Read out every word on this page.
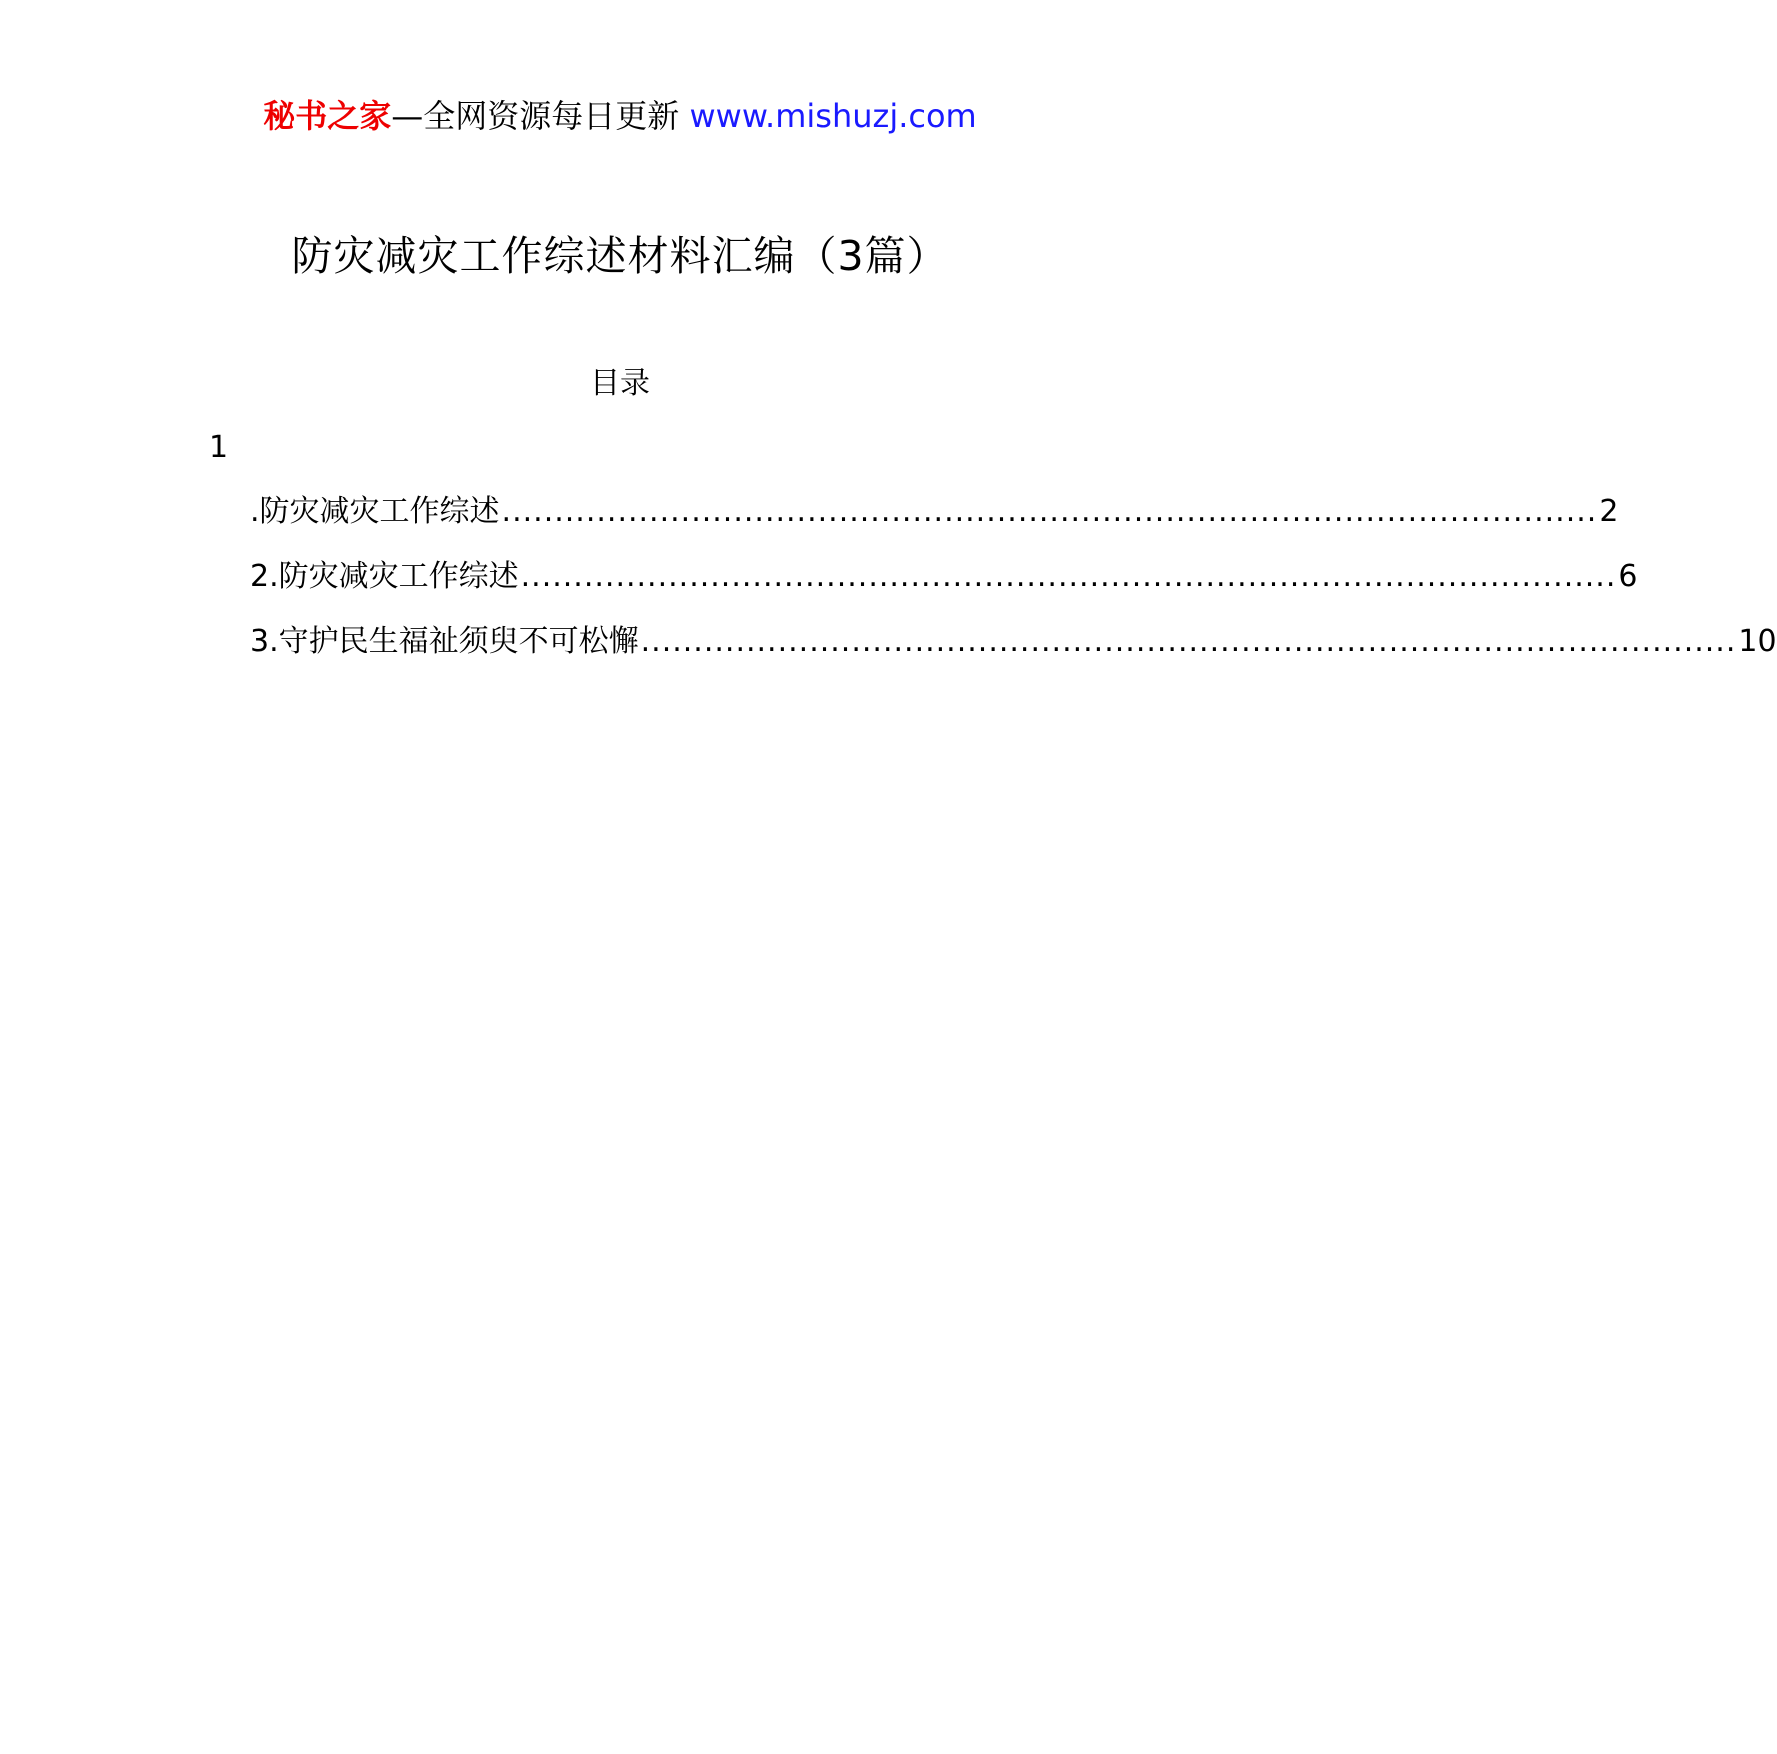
秘书之家—全网资源每日更新 www.mishuzj.com
防灾减灾工作综述材料汇编（3篇）
目录
1
.防灾减灾工作综述 ........................................................................................................ 2
2.防灾减灾工作综述 ........................................................................................................ 6
3.守护民生福祉须臾不可松懈 ........................................................................................................ 10
